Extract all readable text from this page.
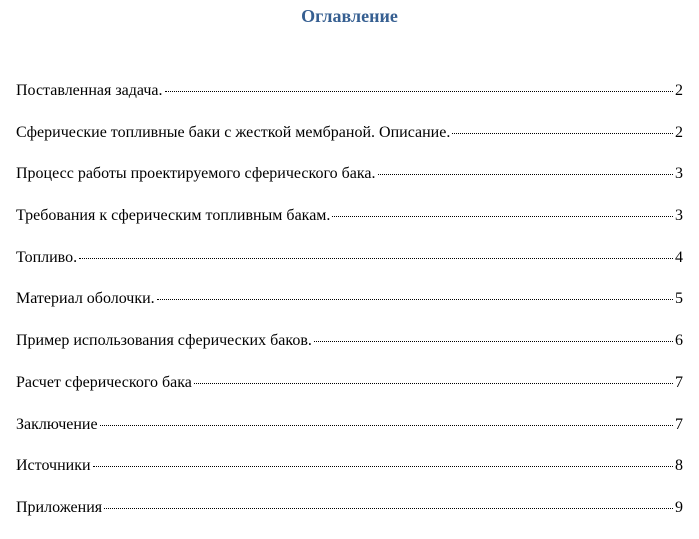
Оглавление
Поставленная задача.	2
Сферические топливные баки с жесткой мембраной. Описание.	2
Процесс работы проектируемого сферического бака.	3
Требования к сферическим топливным бакам.	3
Топливо.	4
Материал оболочки.	5
Пример использования сферических баков.	6
Расчет сферического бака	7
Заключение	7
Источники	8
Приложения	9
